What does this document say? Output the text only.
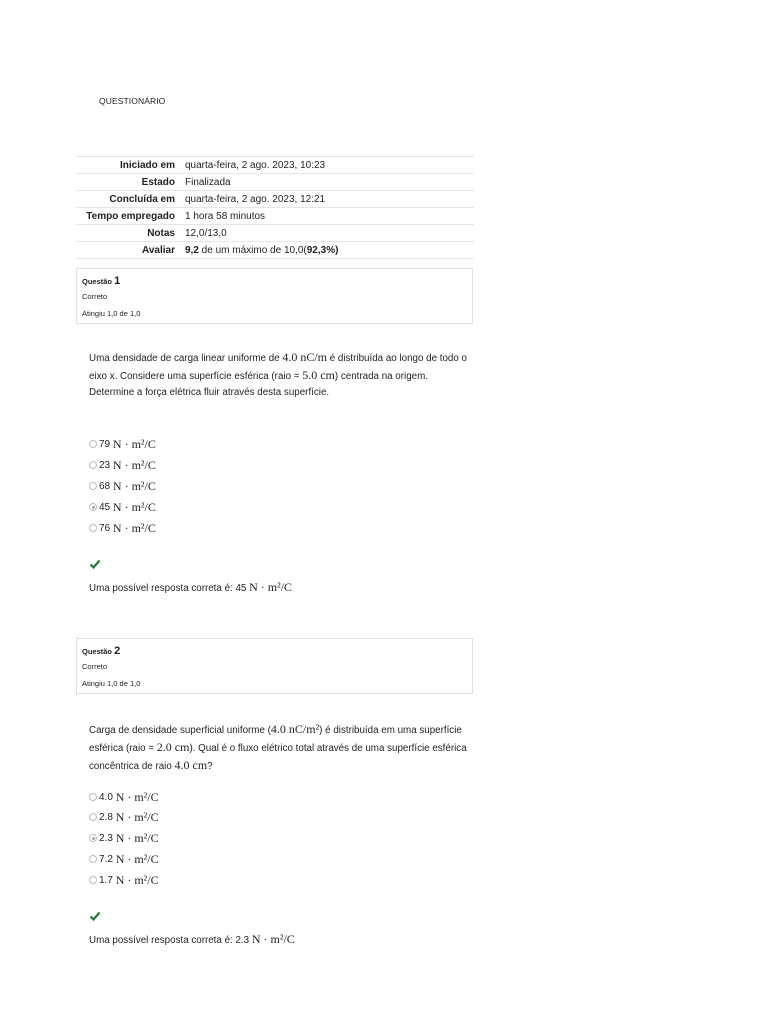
QUESTIONÁRIO
Iniciado em	quarta-feira, 2 ago. 2023, 10:23
Estado	Finalizada
Concluída em	quarta-feira, 2 ago. 2023, 12:21
Tempo empregado	1 hora 58 minutos
Notas	12,0/13,0
Avaliar	9,2 de um máximo de 10,0(92,3%)
Questão 1
Correto
Atingiu 1,0 de 1,0
Uma densidade de carga linear uniforme de 4.0 nC/m é distribuída ao longo de todo o eixo x. Considere uma superfície esférica (raio = 5.0 cm) centrada na origem. Determine a força elétrica fluir através desta superfície.
79
N · m²/C
23
N · m²/C
68
N · m²/C
45
N · m²/C
76
N · m²/C
Uma possível resposta correta é: 45 N · m²/C
Questão 2
Correto
Atingiu 1,0 de 1,0
Carga de densidade superficial uniforme (4.0 nC/m²) é distribuída em uma superfície esférica (raio = 2.0 cm). Qual é o fluxo elétrico total através de uma superfície esférica concêntrica de raio 4.0 cm?
4.0
N · m²/C
2.8
N · m²/C
2.3
N · m²/C
7.2
N · m²/C
1.7
N · m²/C
Uma possível resposta correta é: 2.3 N · m²/C
